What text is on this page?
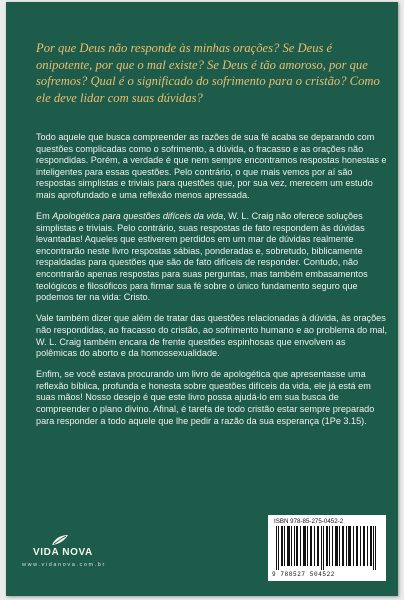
Por que Deus não responde às minhas orações? Se Deus é onipotente, por que o mal existe? Se Deus é tão amoroso, por que sofremos? Qual é o significado do sofrimento para o cristão? Como ele deve lidar com suas dúvidas?

Todo aquele que busca compreender as razões de sua fé acaba se deparando com questões complicadas como o sofrimento, a dúvida, o fracasso e as orações não respondidas. Porém, a verdade é que nem sempre encontramos respostas honestas e inteligentes para essas questões. Pelo contrário, o que mais vemos por aí são respostas simplistas e triviais para questões que, por sua vez, merecem um estudo mais aprofundado e uma reflexão menos apressada.

Em Apologética para questões difíceis da vida, W. L. Craig não oferece soluções simplistas e triviais. Pelo contrário, suas respostas de fato respondem às dúvidas levantadas! Aqueles que estiverem perdidos em um mar de dúvidas realmente encontrarão neste livro respostas sábias, ponderadas e, sobretudo, biblicamente respaldadas para questões que são de fato difíceis de responder. Contudo, não encontrarão apenas respostas para suas perguntas, mas também embasamentos teológicos e filosóficos para firmar sua fé sobre o único fundamento seguro que podemos ter na vida: Cristo.

Vale também dizer que além de tratar das questões relacionadas à dúvida, às orações não respondidas, ao fracasso do cristão, ao sofrimento humano e ao problema do mal, W. L. Craig também encara de frente questões espinhosas que envolvem as polêmicas do aborto e da homossexualidade.

Enfim, se você estava procurando um livro de apologética que apresentasse uma reflexão bíblica, profunda e honesta sobre questões difíceis da vida, ele já está em suas mãos! Nosso desejo é que este livro possa ajudá-lo em sua busca de compreender o plano divino. Afinal, é tarefa de todo cristão estar sempre preparado para responder a todo aquele que lhe pedir a razão da sua esperança (1Pe 3.15).

VIDA NOVA
www.vidanova.com.br
ISBN 978-85-275-0452-2
9 788527 504522
